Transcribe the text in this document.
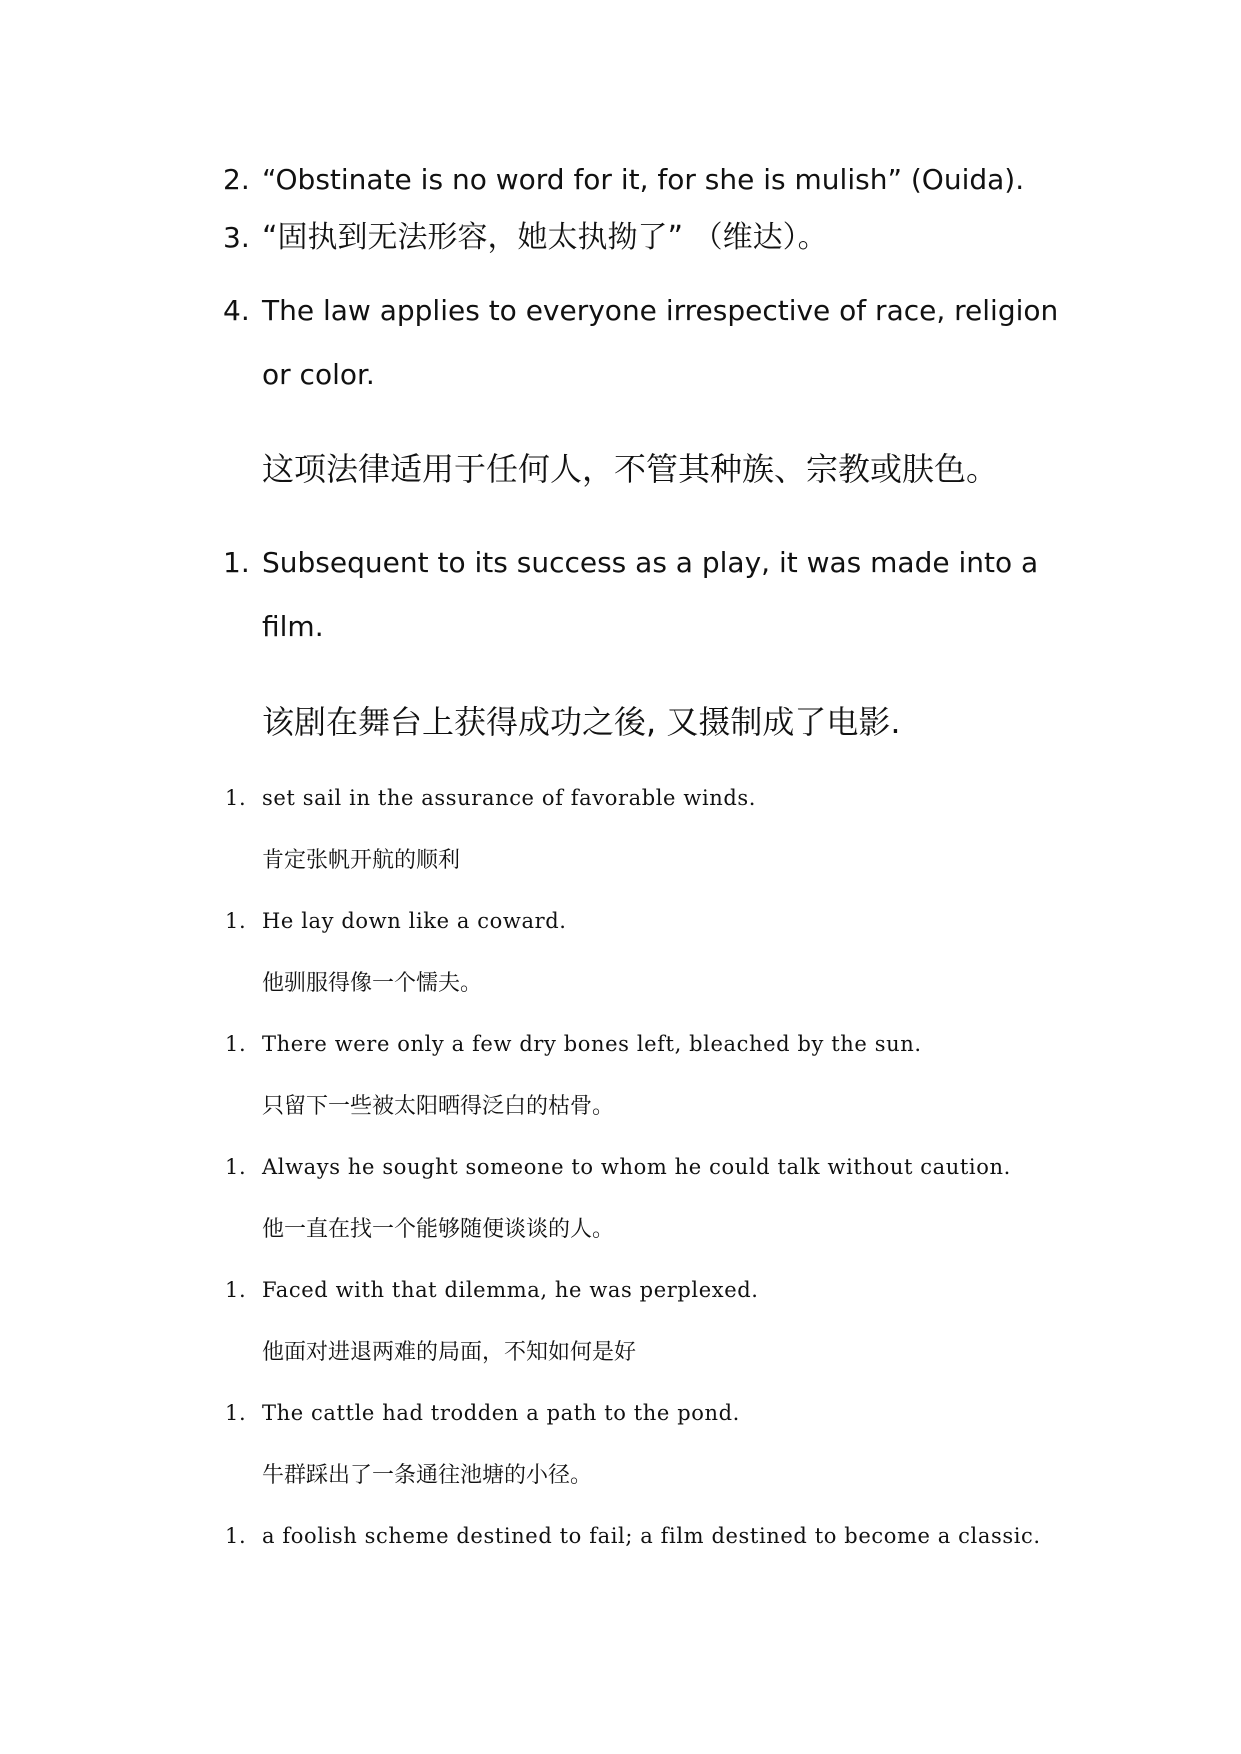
2. “Obstinate is no word for it, for she is mulish” (Ouida).
3. “固执到无法形容，她太执拗了” （维达）。
4. The law applies to everyone irrespective of race, religion
or color.
这项法律适用于任何人，不管其种族、宗教或肤色。
1. Subsequent to its success as a play, it was made into a
film.
该剧在舞台上获得成功之後, 又摄制成了电影.
1. set sail in the assurance of favorable winds.
肯定张帆开航的顺利
1. He lay down like a coward.
他驯服得像一个懦夫。
1. There were only a few dry bones left, bleached by the sun.
只留下一些被太阳晒得泛白的枯骨。
1. Always he sought someone to whom he could talk without caution.
他一直在找一个能够随便谈谈的人。
1. Faced with that dilemma, he was perplexed.
他面对进退两难的局面，不知如何是好
1. The cattle had trodden a path to the pond.
牛群踩出了一条通往池塘的小径。
1. a foolish scheme destined to fail; a film destined to become a classic.
